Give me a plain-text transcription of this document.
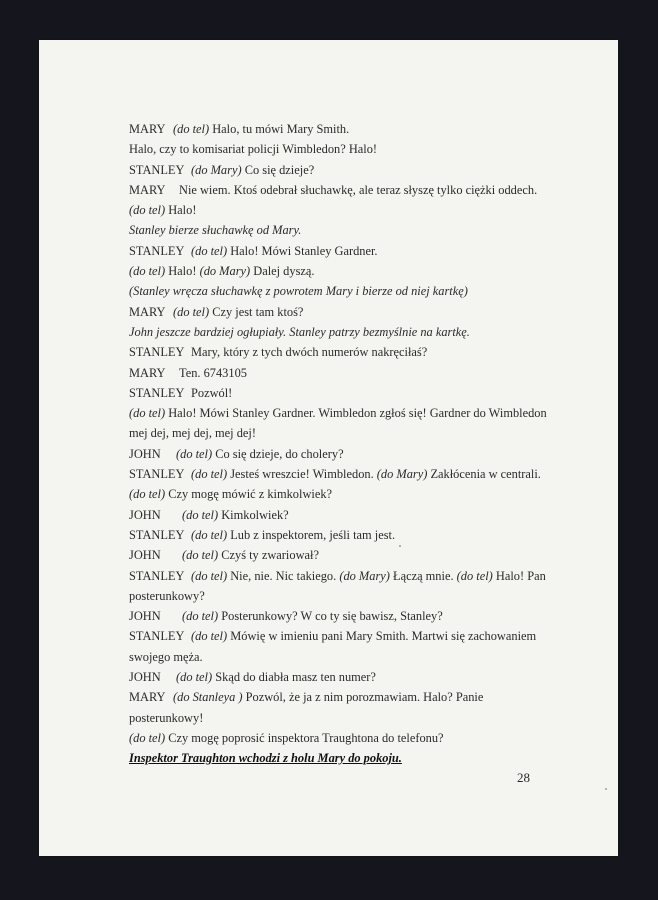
MARY (do tel) Halo, tu mówi Mary Smith.
Halo, czy to komisariat policji Wimbledon? Halo!
STANLEY (do Mary) Co się dzieje?
MARY Nie wiem. Ktoś odebrał słuchawkę, ale teraz słyszę tylko ciężki oddech.
(do tel) Halo!
Stanley bierze słuchawkę od Mary.
STANLEY (do tel) Halo! Mówi Stanley Gardner.
(do tel) Halo! (do Mary) Dalej dyszą.
(Stanley wręcza słuchawkę z powrotem Mary i bierze od niej kartkę)
MARY (do tel) Czy jest tam ktoś?
John jeszcze bardziej ogłupiały. Stanley patrzy bezmyślnie na kartkę.
STANLEY Mary, który z tych dwóch numerów nakręciłaś?
MARY Ten. 6743105
STANLEY Pozwól!
(do tel) Halo! Mówi Stanley Gardner. Wimbledon zgłoś się! Gardner do Wimbledon
mej dej, mej dej, mej dej!
JOHN (do tel) Co się dzieje, do cholery?
STANLEY (do tel) Jesteś wreszcie! Wimbledon. (do Mary) Zakłócenia w centrali.
(do tel) Czy mogę mówić z kimkolwiek?
JOHN (do tel) Kimkolwiek?
STANLEY (do tel) Lub z inspektorem, jeśli tam jest.
JOHN (do tel) Czyś ty zwariował?
STANLEY (do tel) Nie, nie. Nic takiego. (do Mary) Łączą mnie. (do tel) Halo! Pan
posterunkowy?
JOHN (do tel) Posterunkowy? W co ty się bawisz, Stanley?
STANLEY (do tel) Mówię w imieniu pani Mary Smith. Martwi się zachowaniem
swojego męża.
JOHN (do tel) Skąd do diabła masz ten numer?
MARY (do Stanleya ) Pozwól, że ja z nim porozmawiam. Halo? Panie
posterunkowy!
(do tel) Czy mogę poprosić inspektora Traughtona do telefonu?
Inspektor Traughton wchodzi z holu Mary do pokoju.
28
